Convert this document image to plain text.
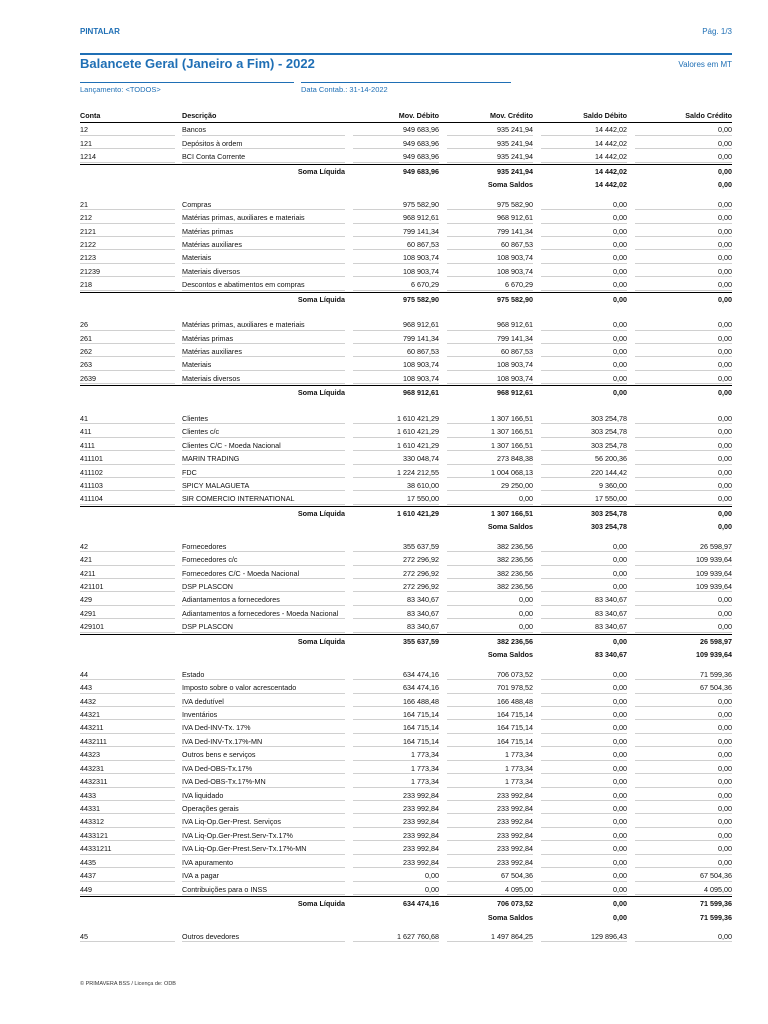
PINTALAR	Pág. 1/3
Balancete Geral (Janeiro a Fim) - 2022	Valores em MT
Lançamento: <TODOS>	Data Contab.: 31-14-2022
Conta	Descrição	Mov. Débito	Mov. Crédito	Saldo Débito	Saldo Crédito
12	Bancos	949 683,96	935 241,94	14 442,02	0,00
121	Depósitos à ordem	949 683,96	935 241,94	14 442,02	0,00
1214	BCI Conta Corrente	949 683,96	935 241,94	14 442,02	0,00
Soma Líquida	949 683,96	935 241,94	14 442,02	0,00
Soma Saldos	14 442,02	0,00
21	Compras	975 582,90	975 582,90	0,00	0,00
212	Matérias primas, auxiliares e materiais	968 912,61	968 912,61	0,00	0,00
2121	Matérias primas	799 141,34	799 141,34	0,00	0,00
2122	Matérias auxiliares	60 867,53	60 867,53	0,00	0,00
2123	Materiais	108 903,74	108 903,74	0,00	0,00
21239	Materiais diversos	108 903,74	108 903,74	0,00	0,00
218	Descontos e abatimentos em compras	6 670,29	6 670,29	0,00	0,00
Soma Líquida	975 582,90	975 582,90	0,00	0,00
26	Matérias primas, auxiliares e materiais	968 912,61	968 912,61	0,00	0,00
261	Matérias primas	799 141,34	799 141,34	0,00	0,00
262	Matérias auxiliares	60 867,53	60 867,53	0,00	0,00
263	Materiais	108 903,74	108 903,74	0,00	0,00
2639	Materiais diversos	108 903,74	108 903,74	0,00	0,00
Soma Líquida	968 912,61	968 912,61	0,00	0,00
41	Clientes	1 610 421,29	1 307 166,51	303 254,78	0,00
411	Clientes c/c	1 610 421,29	1 307 166,51	303 254,78	0,00
4111	Clientes C/C - Moeda Nacional	1 610 421,29	1 307 166,51	303 254,78	0,00
411101	MARIN TRADING	330 048,74	273 848,38	56 200,36	0,00
411102	FDC	1 224 212,55	1 004 068,13	220 144,42	0,00
411103	SPICY MALAGUETA	38 610,00	29 250,00	9 360,00	0,00
411104	SIR COMERCIO INTERNATIONAL	17 550,00	0,00	17 550,00	0,00
Soma Líquida	1 610 421,29	1 307 166,51	303 254,78	0,00
Soma Saldos	303 254,78	0,00
42	Fornecedores	355 637,59	382 236,56	0,00	26 598,97
421	Fornecedores c/c	272 296,92	382 236,56	0,00	109 939,64
4211	Fornecedores C/C - Moeda Nacional	272 296,92	382 236,56	0,00	109 939,64
421101	DSP PLASCON	272 296,92	382 236,56	0,00	109 939,64
429	Adiantamentos a fornecedores	83 340,67	0,00	83 340,67	0,00
4291	Adiantamentos a fornecedores - Moeda Nacional	83 340,67	0,00	83 340,67	0,00
429101	DSP PLASCON	83 340,67	0,00	83 340,67	0,00
Soma Líquida	355 637,59	382 236,56	0,00	26 598,97
Soma Saldos	83 340,67	109 939,64
44	Estado	634 474,16	706 073,52	0,00	71 599,36
443	Imposto sobre o valor acrescentado	634 474,16	701 978,52	0,00	67 504,36
4432	IVA dedutível	166 488,48	166 488,48	0,00	0,00
44321	Inventários	164 715,14	164 715,14	0,00	0,00
443211	IVA Ded-INV-Tx. 17%	164 715,14	164 715,14	0,00	0,00
4432111	IVA Ded-INV-Tx.17%-MN	164 715,14	164 715,14	0,00	0,00
44323	Outros bens e serviços	1 773,34	1 773,34	0,00	0,00
443231	IVA Ded-OBS-Tx.17%	1 773,34	1 773,34	0,00	0,00
4432311	IVA Ded-OBS-Tx.17%-MN	1 773,34	1 773,34	0,00	0,00
4433	IVA liquidado	233 992,84	233 992,84	0,00	0,00
44331	Operações gerais	233 992,84	233 992,84	0,00	0,00
443312	IVA Liq-Op.Ger-Prest. Serviços	233 992,84	233 992,84	0,00	0,00
4433121	IVA Liq-Op.Ger-Prest.Serv-Tx.17%	233 992,84	233 992,84	0,00	0,00
44331211	IVA Liq-Op.Ger-Prest.Serv-Tx.17%-MN	233 992,84	233 992,84	0,00	0,00
4435	IVA apuramento	233 992,84	233 992,84	0,00	0,00
4437	IVA a pagar	0,00	67 504,36	0,00	67 504,36
449	Contribuições para o INSS	0,00	4 095,00	0,00	4 095,00
Soma Líquida	634 474,16	706 073,52	0,00	71 599,36
Soma Saldos	0,00	71 599,36
45	Outros devedores	1 627 760,68	1 497 864,25	129 896,43	0,00
© PRIMAVERA BSS / Licença de: ODB
